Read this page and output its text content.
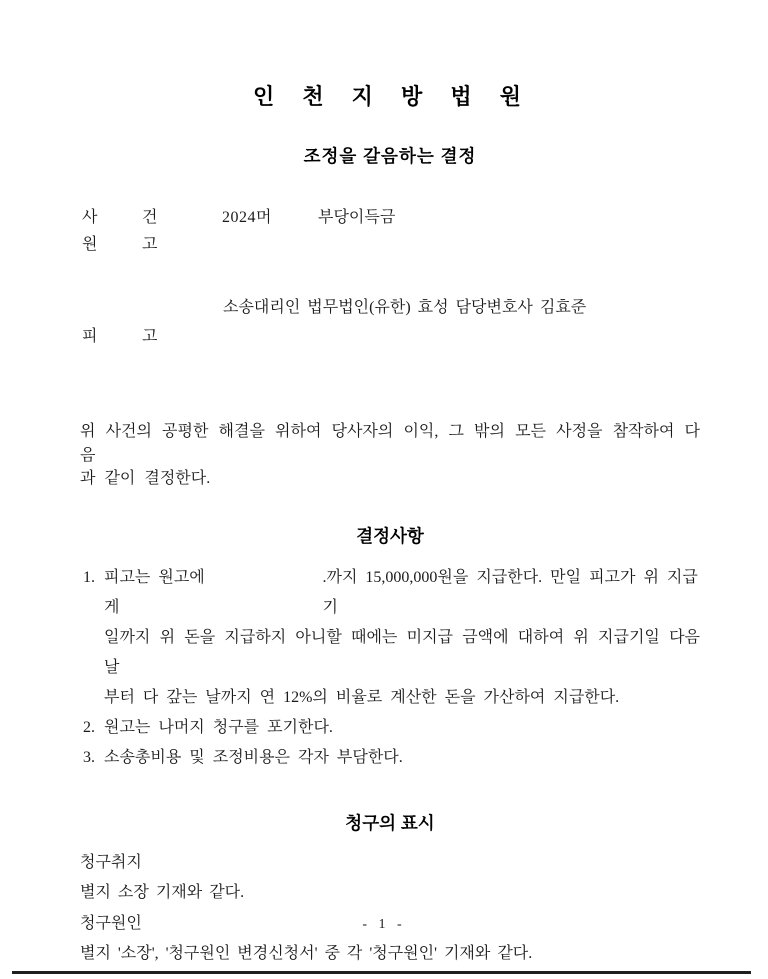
인 천 지 방 법 원
조정을 갈음하는 결정
사	건	2024머	부당이득금
원	고
소송대리인 법무법인(유한) 효성 담당변호사 김효준
피	고
위 사건의 공평한 해결을 위하여 당사자의 이익, 그 밖의 모든 사정을 참작하여 다음
과 같이 결정한다.
결정사항
1. 피고는 원고에게
.까지 15,000,000원을 지급한다. 만일 피고가 위 지급기
일까지 위 돈을 지급하지 아니할 때에는 미지급 금액에 대하여 위 지급기일 다음날
부터 다 갚는 날까지 연 12%의 비율로 계산한 돈을 가산하여 지급한다.
2. 원고는 나머지 청구를 포기한다.
3. 소송총비용 및 조정비용은 각자 부담한다.
청구의 표시
청구취지
별지 소장 기재와 같다.
청구원인
별지 '소장', '청구원인 변경신청서' 중 각 '청구원인' 기재와 같다.
- 1 -
